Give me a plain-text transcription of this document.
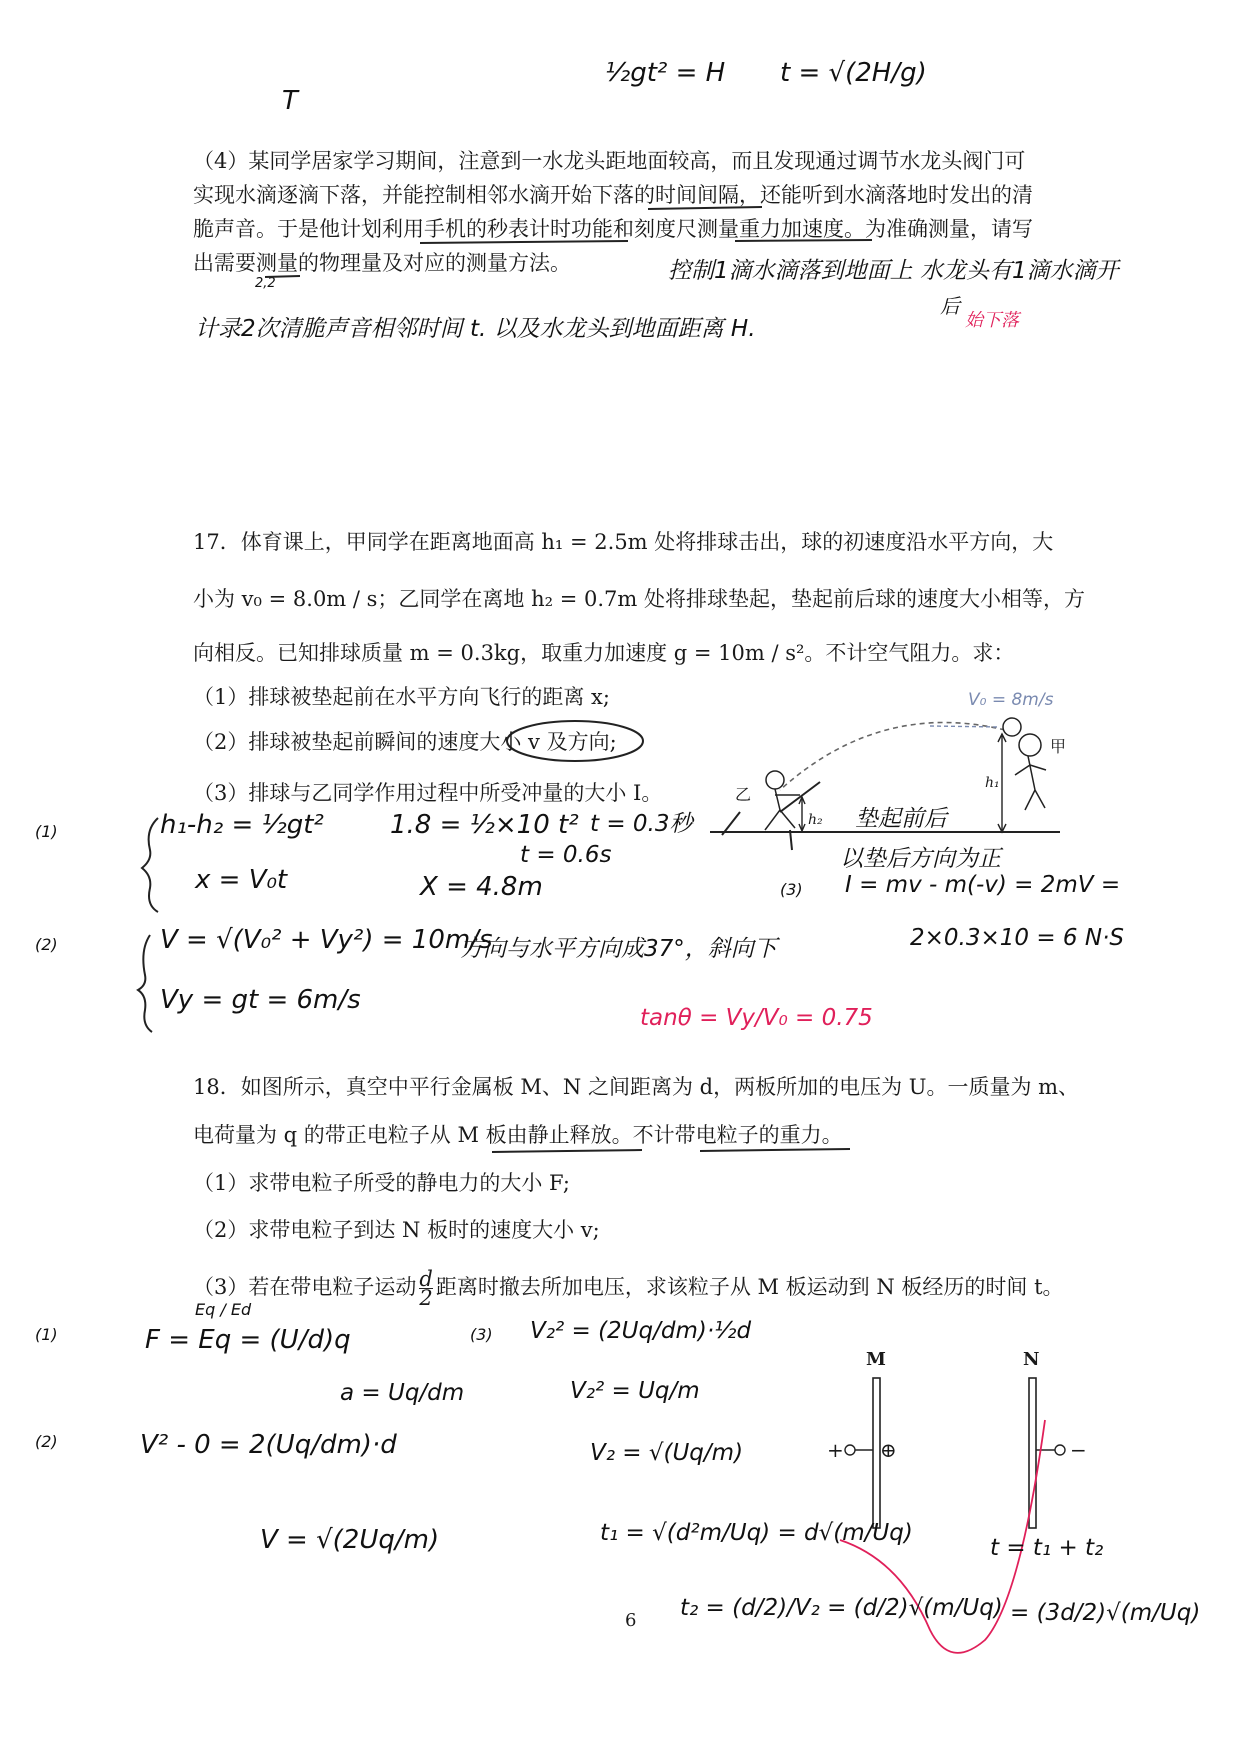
T
½gt² = H t = √(2H/g)
（4）某同学居家学习期间，注意到一水龙头距地面较高，而且发现通过调节水龙头阀门可
实现水滴逐滴下落，并能控制相邻水滴开始下落的时间间隔，还能听到水滴落地时发出的清
脆声音。于是他计划利用手机的秒表计时功能和刻度尺测量重力加速度。为准确测量，请写
出需要测量的物理量及对应的测量方法。
2,2	控制1滴水滴落到地面上 水龙头有1滴水滴开
计录2次清脆声音相邻时间 t. 以及水龙头到地面距离 H.
后
始下落
17．体育课上，甲同学在距离地面高 h₁ = 2.5m 处将排球击出，球的初速度沿水平方向，大
小为 v₀ = 8.0m / s；乙同学在离地 h₂ = 0.7m 处将排球垫起，垫起前后球的速度大小相等，方
向相反。已知排球质量 m = 0.3kg，取重力加速度 g = 10m / s²。不计空气阻力。求：
（1）排球被垫起前在水平方向飞行的距离 x;
（2）排球被垫起前瞬间的速度大小 v 及方向;
（3）排球与乙同学作用过程中所受冲量的大小 I。
V₀ = 8m/s
甲
h₁
乙
h₂
(1)	h₁-h₂ = ½gt²
x = V₀t
1.8 = ½×10 t²
t = 0.6s
t = 0.3秒
X = 4.8m
垫起前后
以垫后方向为正
(3) I = mv - m(-v) = 2mV =
2×0.3×10 = 6 N·S
(2)	V = √(V₀² + Vy²) = 10m/s
Vy = gt = 6m/s
方向与水平方向成37°，斜向下
tanθ = Vy/V₀ = 0.75
18．如图所示，真空中平行金属板 M、N 之间距离为 d，两板所加的电压为 U。一质量为 m、
电荷量为 q 的带正电粒子从 M 板由静止释放。不计带电粒子的重力。
（1）求带电粒子所受的静电力的大小 F;
（2）求带电粒子到达 N 板时的速度大小 v;
（3）若在带电粒子运动 $\frac{d}{2}$ 距离时撤去所加电压，求该粒子从 M 板运动到 N 板经历的时间 t。
M	N
+	−
⊕
(1)
Eq / Ed
F = Eq = (U/d)q
a = Uq/dm
(2)	V² - 0 = 2(Uq/dm)·d
V = √(2Uq/m)
(3) V₂² = (2Uq/dm)·½d
V₂² = Uq/m
V₂ = √(Uq/m)
t₁ = √(d²m/Uq) = d√(m/Uq)
t₂ = (d/2)/V₂ = (d/2)√(m/Uq)
t = t₁ + t₂
= (3d/2)√(m/Uq)
6
